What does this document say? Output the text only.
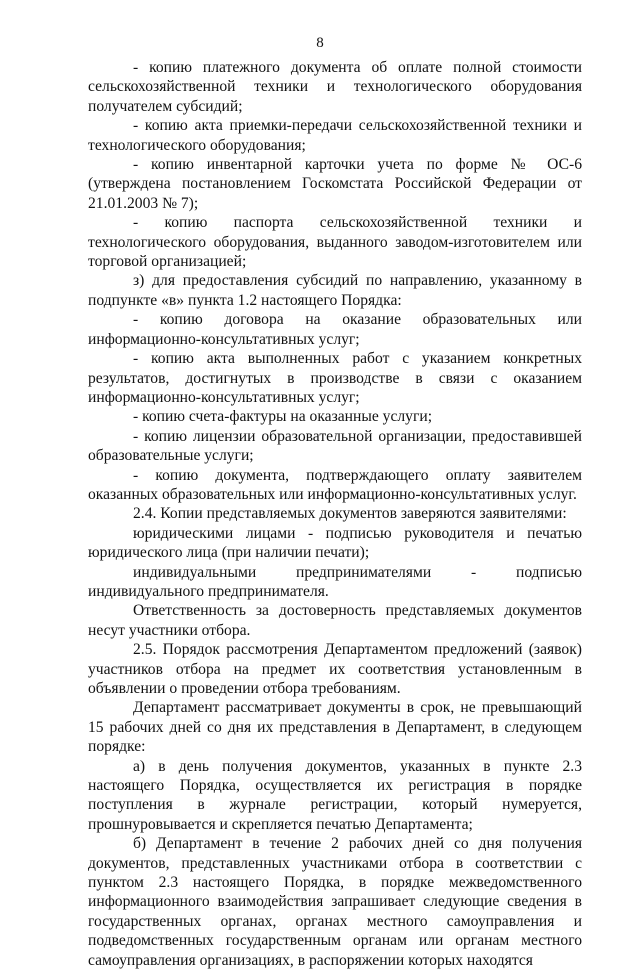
8

- копию платежного документа об оплате полной стоимости сельскохозяйственной техники и технологического оборудования получателем субсидий;

- копию акта приемки-передачи сельскохозяйственной техники и технологического оборудования;

- копию инвентарной карточки учета по форме № ОС-6 (утверждена постановлением Госкомстата Российской Федерации от 21.01.2003 № 7);

- копию паспорта сельскохозяйственной техники и технологического оборудования, выданного заводом-изготовителем или торговой организацией;

з) для предоставления субсидий по направлению, указанному в подпункте «в» пункта 1.2 настоящего Порядка:

- копию договора на оказание образовательных или информационно-консультативных услуг;

- копию акта выполненных работ с указанием конкретных результатов, достигнутых в производстве в связи с оказанием информационно-консультативных услуг;

- копию счета-фактуры на оказанные услуги;

- копию лицензии образовательной организации, предоставившей образовательные услуги;

- копию документа, подтверждающего оплату заявителем оказанных образовательных или информационно-консультативных услуг.

2.4. Копии представляемых документов заверяются заявителями:

юридическими лицами - подписью руководителя и печатью юридического лица (при наличии печати);

индивидуальными предпринимателями - подписью индивидуального предпринимателя.

Ответственность за достоверность представляемых документов несут участники отбора.

2.5. Порядок рассмотрения Департаментом предложений (заявок) участников отбора на предмет их соответствия установленным в объявлении о проведении отбора требованиям.

Департамент рассматривает документы в срок, не превышающий 15 рабочих дней со дня их представления в Департамент, в следующем порядке:

а) в день получения документов, указанных в пункте 2.3 настоящего Порядка, осуществляется их регистрация в порядке поступления в журнале регистрации, который нумеруется, прошнуровывается и скрепляется печатью Департамента;

б) Департамент в течение 2 рабочих дней со дня получения документов, представленных участниками отбора в соответствии с пунктом 2.3 настоящего Порядка, в порядке межведомственного информационного взаимодействия запрашивает следующие сведения в государственных органах, органах местного самоуправления и подведомственных государственным органам или органам местного самоуправления организациях, в распоряжении которых находятся
